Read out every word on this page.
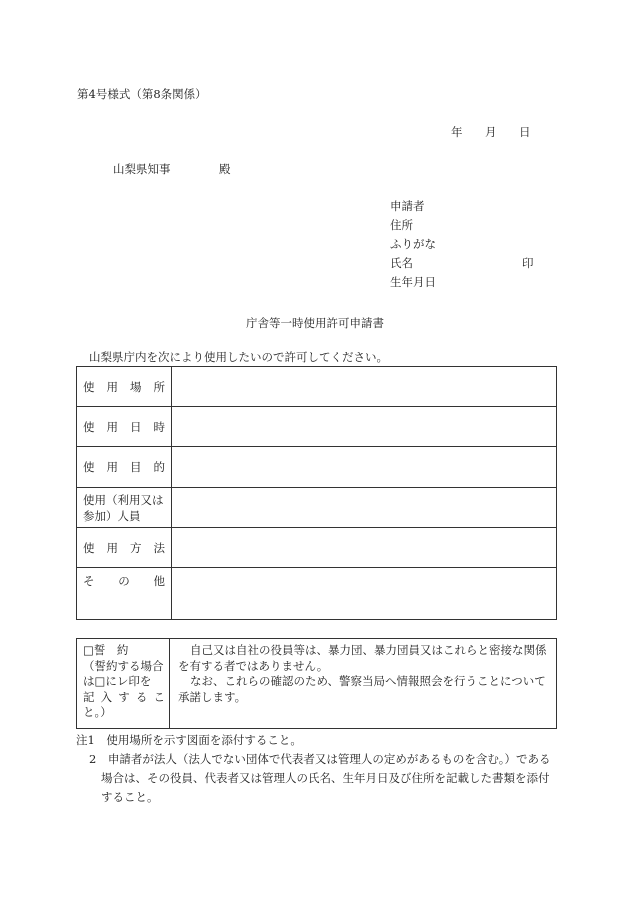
第4号様式（第8条関係）
年 月 日
山梨県知事	殿
申請者
住所
ふりがな
氏名	印
生年月日
庁舎等一時使用許可申請書
山梨県庁内を次により使用したいので許可してください。
使 用 場 所	

使 用 日 時	

使 用 目 的	

使用（利用又は
参加）人員	

使 用 方 法	

そ の 他	

□誓　約
（誓約する場合
は□にレ印を
記 入 す る こ
と。）

自己又は自社の役員等は、暴力団、暴力団員又はこれらと密接な関係
を有する者ではありません。
なお、これらの確認のため、警察当局へ情報照会を行うことについて
承諾します。
注1　使用場所を示す図面を添付すること。
2　申請者が法人（法人でない団体で代表者又は管理人の定めがあるものを含む。）である
場合は、その役員、代表者又は管理人の氏名、生年月日及び住所を記載した書類を添付
すること。
